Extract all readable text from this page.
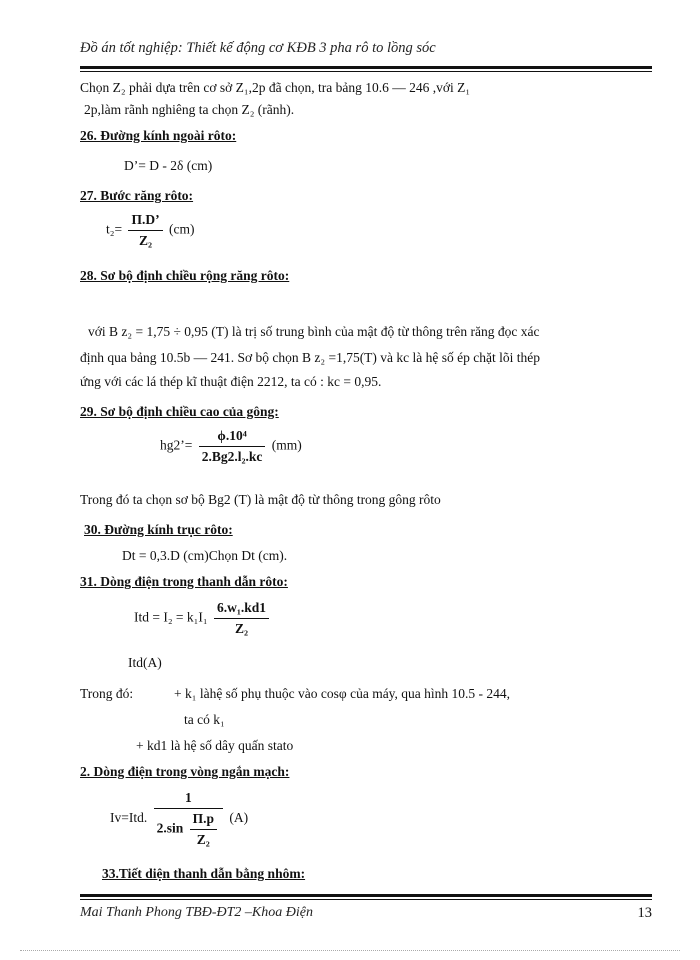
Đồ án tốt nghiệp: Thiết kế động cơ KĐB 3 pha rô to lồng sóc
Chọn Z₂ phải dựa trên cơ sở Z₁,2p đã chọn, tra bảng 10.6 — 246 ,với Z₁
2p,làm rãnh nghiêng ta chọn Z₂ (rãnh).
26. Đường kính ngoài rôto:
D’= D - 2δ (cm)
27. Bước răng rôto:
$t_2= \frac{\Pi.D’}{\text{Z₂}} (cm)$
28. Sơ bộ định chiều rộng răng rôto:
với B z₂ = 1,75 ÷ 0,95 (T) là trị số trung bình của mật độ từ thông trên răng đọc xác
định qua bảng 10.5b — 241. Sơ bộ chọn B z₂ =1,75(T) và kc là hệ số ép chặt lõi thép
ứng với các lá thép kĩ thuật điện 2212, ta có : kc = 0,95.
29. Sơ bộ định chiều cao của gông:
hg2’= $\frac{\text{ϕ.10⁴}}{\text{2.Bg2.l₂.kc}} (mm)$
Trong đó ta chọn sơ bộ Bg2 (T) là mật độ từ thông trong gông rôto
30. Đường kính trục rôto:
Dt = 0,3.D (cm)Chọn Dt (cm).
31. Dòng điện trong thanh dẫn rôto:
Itd = $I_2 = k_1I_1 \frac{\text{6.w₁.kd1}}{\text{Z₂}}$
Itd(A)
Trong đó:	+ k₁ làhệ số phụ thuộc vào cosφ của máy, qua hình 10.5 - 244,
ta có k₁
+ kd1 là hệ số dây quấn stato
2. Dòng điện trong vòng ngắn mạch:
Iv=Itd. $\frac{1}{2.\sin \frac{\Pi.p}{\text{Z₂}}} (A)$
33.Tiết diện thanh dẫn bằng nhôm:
Mai Thanh Phong TBĐ-ĐT2 –Khoa Điện	13
